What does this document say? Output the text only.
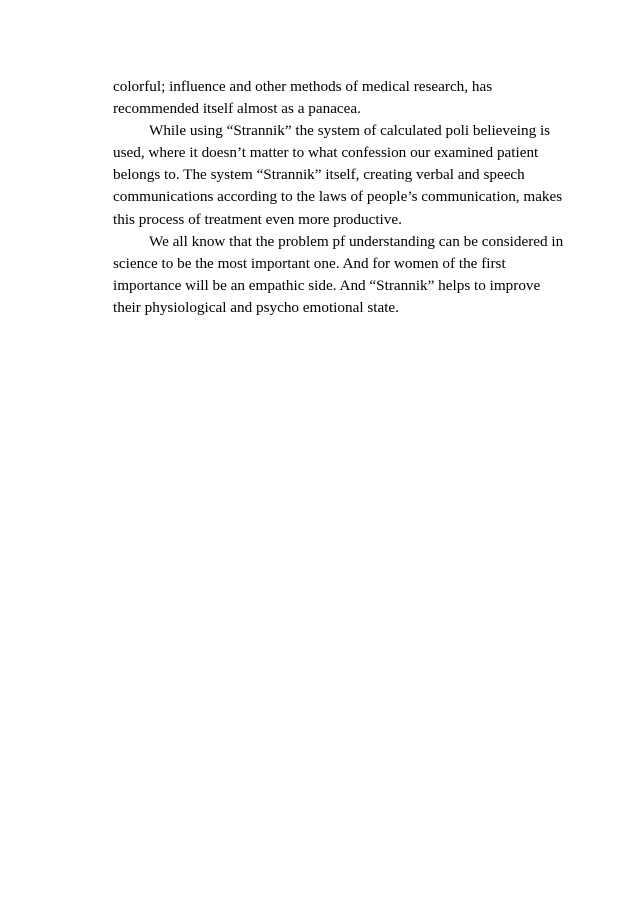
colorful; influence and other methods of medical research, has
recommended itself almost as a panacea.

While using “Strannik” the system of calculated poli believeing is
used, where it doesn’t matter to what confession our examined patient
belongs to. The system “Strannik” itself, creating verbal and speech
communications according to the laws of people’s communication, makes
this process of treatment even more productive.

We all know that the problem pf understanding can be considered in
science to be the most important one. And for women of the first
importance will be an empathic side. And “Strannik” helps to improve
their physiological and psycho emotional state.
